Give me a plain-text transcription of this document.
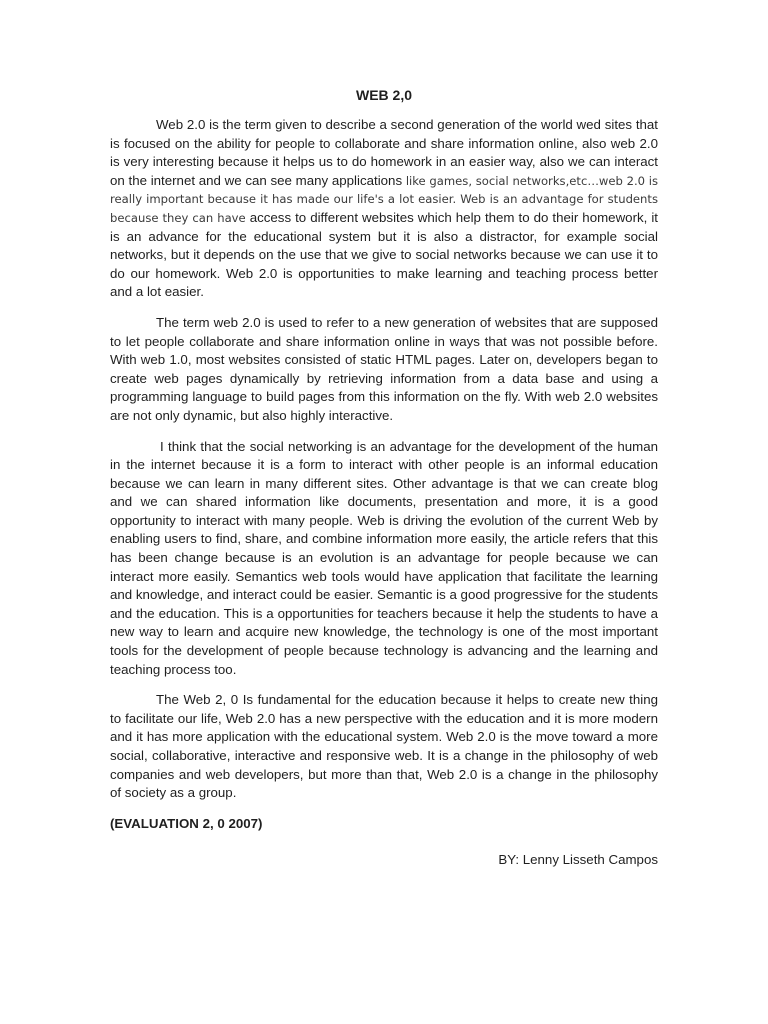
WEB 2,0

Web 2.0 is the term given to describe a second generation of the world wed sites that is focused on the ability for people to collaborate and share information online, also web 2.0 is very interesting because it helps us to do homework in an easier way, also we can interact on the internet and we can see many applications like games, social networks,etc…web 2.0 is really important because it has made our life's a lot easier. Web is an advantage for students because they can have access to different websites which help them to do their homework, it is an advance for the educational system but it is also a distractor, for example social networks, but it depends on the use that we give to social networks because we can use it to do our homework. Web 2.0 is opportunities to make learning and teaching process better and a lot easier.

The term web 2.0 is used to refer to a new generation of websites that are supposed to let people collaborate and share information online in ways that was not possible before. With web 1.0, most websites consisted of static HTML pages. Later on, developers began to create web pages dynamically by retrieving information from a data base and using a programming language to build pages from this information on the fly. With web 2.0 websites are not only dynamic, but also highly interactive.

I think that the social networking is an advantage for the development of the human in the internet because it is a form to interact with other people is an informal education because we can learn in many different sites. Other advantage is that we can create blog and we can shared information like documents, presentation and more, it is a good opportunity to interact with many people. Web is driving the evolution of the current Web by enabling users to find, share, and combine information more easily, the article refers that this has been change because is an evolution is an advantage for people because we can interact more easily. Semantics web tools would have application that facilitate the learning and knowledge, and interact could be easier. Semantic is a good progressive for the students and the education. This is a opportunities for teachers because it help the students to have a new way to learn and acquire new knowledge, the technology is one of the most important tools for the development of people because technology is advancing and the learning and teaching process too.

The Web 2, 0 Is fundamental for the education because it helps to create new thing to facilitate our life, Web 2.0 has a new perspective with the education and it is more modern and it has more application with the educational system. Web 2.0 is the move toward a more social, collaborative, interactive and responsive web. It is a change in the philosophy of web companies and web developers, but more than that, Web 2.0 is a change in the philosophy of society as a group.

(EVALUATION 2, 0 2007)
BY: Lenny Lisseth Campos
